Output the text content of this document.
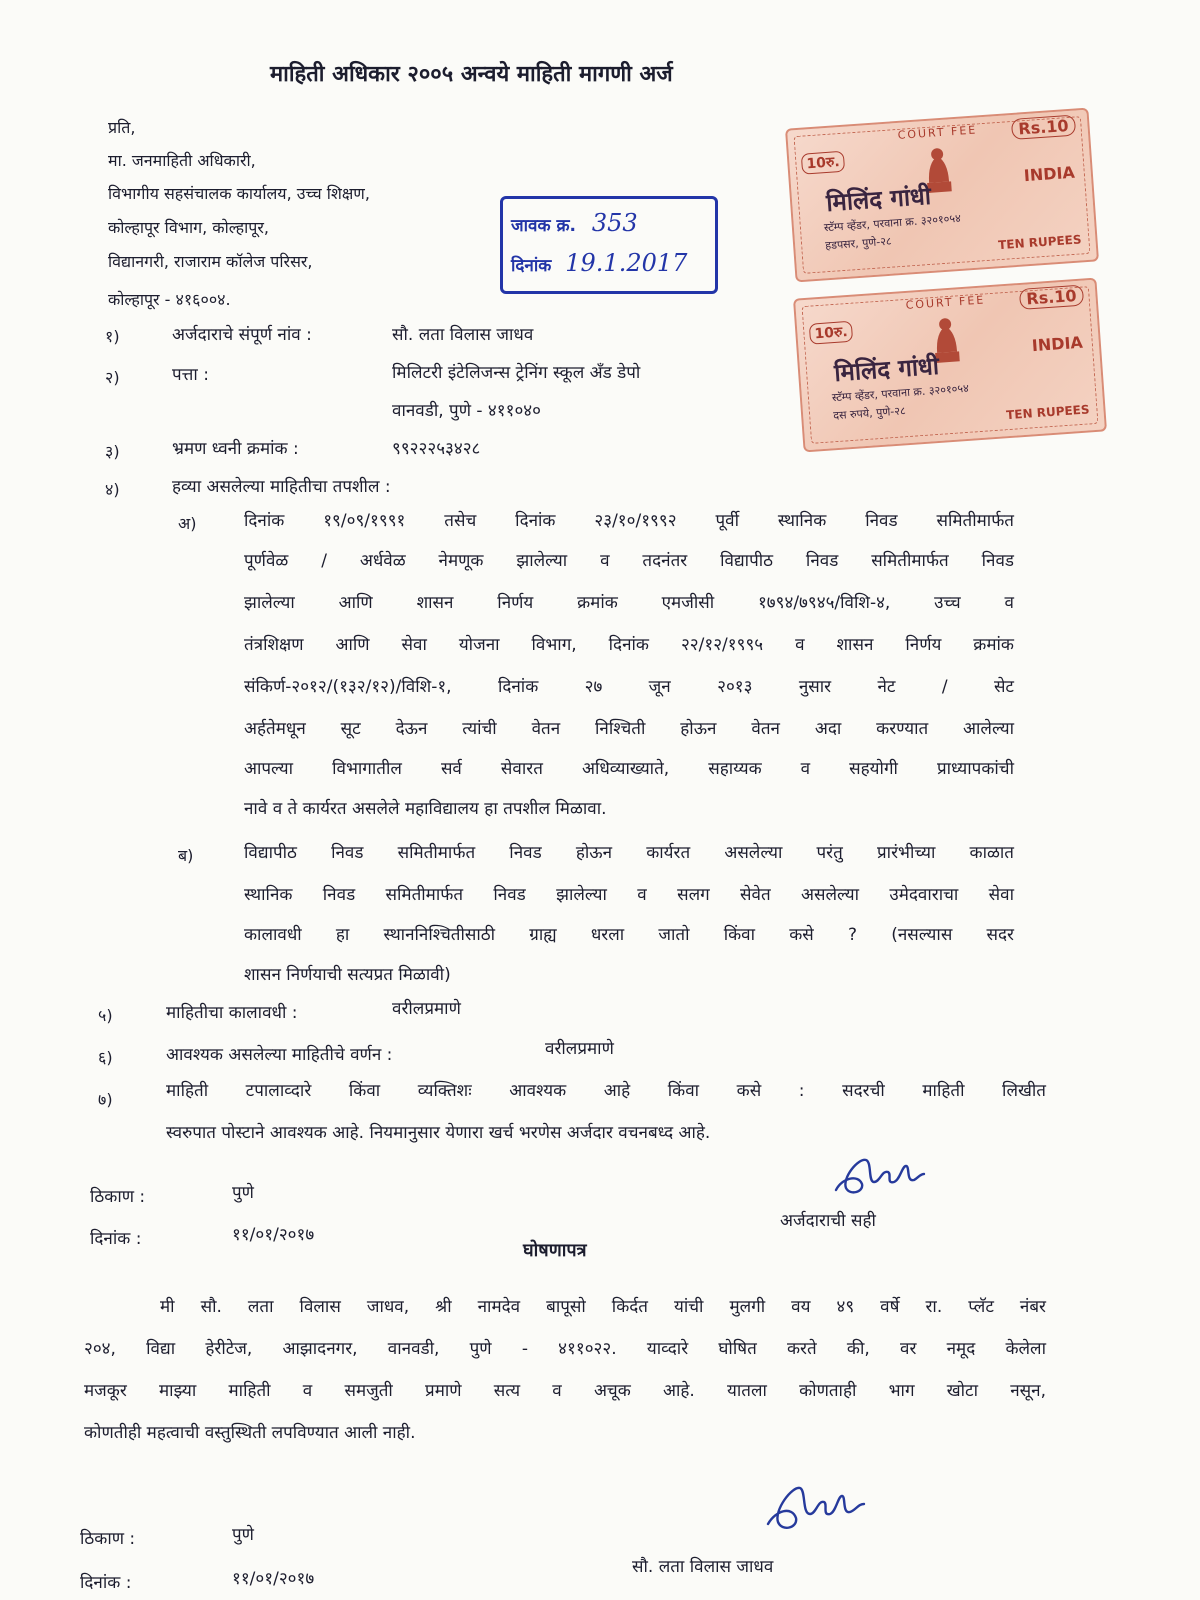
माहिती अधिकार २००५ अन्वये माहिती मागणी अर्ज
प्रति,
मा. जनमाहिती अधिकारी,
विभागीय सहसंचालक कार्यालय, उच्च शिक्षण,
कोल्हापूर विभाग, कोल्हापूर,
विद्यानगरी, राजाराम कॉलेज परिसर,
कोल्हापूर - ४१६००४.
जावक क्र. 353
दिनांक 19.1.2017
Rs.10
10रु.
COURT FEE
INDIA
मिलिंद गांधी
स्टॅम्प व्हेंडर, परवाना क्र. ३२०१०५४
हडपसर, पुणे-२८	TEN RUPEES
Rs.10
10रु.
COURT FEE
INDIA
मिलिंद गांधी
स्टॅम्प व्हेंडर, परवाना क्र. ३२०१०५४
दस रुपये, पुणे-२८	TEN RUPEES
१)	अर्जदाराचे संपूर्ण नांव :	सौ. लता विलास जाधव
२)	पत्ता :	मिलिटरी इंटेलिजन्स ट्रेनिंग स्कूल अँड डेपो
वानवडी, पुणे - ४११०४०
३)	भ्रमण ध्वनी क्रमांक :	९९२२२५३४२८
४)	हव्या असलेल्या माहितीचा तपशील :
अ)	दिनांक १९/०९/१९९१ तसेच दिनांक २३/१०/१९९२ पूर्वी स्थानिक निवड समितीमार्फत
पूर्णवेळ / अर्धवेळ नेमणूक झालेल्या व तदनंतर विद्यापीठ निवड समितीमार्फत निवड
झालेल्या आणि शासन निर्णय क्रमांक एमजीसी १७९४/७९४५/विशि-४, उच्च व
तंत्रशिक्षण आणि सेवा योजना विभाग, दिनांक २२/१२/१९९५ व शासन निर्णय क्रमांक
संकिर्ण-२०१२/(१३२/१२)/विशि-१, दिनांक २७ जून २०१३ नुसार नेट / सेट
अर्हतेमधून सूट देऊन त्यांची वेतन निश्चिती होऊन वेतन अदा करण्यात आलेल्या
आपल्या विभागातील सर्व सेवारत अधिव्याख्याते, सहाय्यक व सहयोगी प्राध्यापकांची
नावे व ते कार्यरत असलेले महाविद्यालय हा तपशील मिळावा.
ब)	विद्यापीठ निवड समितीमार्फत निवड होऊन कार्यरत असलेल्या परंतु प्रारंभीच्या काळात
स्थानिक निवड समितीमार्फत निवड झालेल्या व सलग सेवेत असलेल्या उमेदवाराचा सेवा
कालावधी हा स्थाननिश्चितीसाठी ग्राह्य धरला जातो किंवा कसे ? (नसल्यास सदर
शासन निर्णयाची सत्यप्रत मिळावी)
५)	माहितीचा कालावधी :	वरीलप्रमाणे
६)	आवश्यक असलेल्या माहितीचे वर्णन :	वरीलप्रमाणे
७)	माहिती टपालाव्दारे किंवा व्यक्तिशः आवश्यक आहे किंवा कसे : सदरची माहिती लिखीत
स्वरुपात पोस्टाने आवश्यक आहे. नियमानुसार येणारा खर्च भरणेस अर्जदार वचनबध्द आहे.
ठिकाण :	पुणे
दिनांक :	११/०१/२०१७
अर्जदाराची सही
घोषणापत्र
मी सौ. लता विलास जाधव, श्री नामदेव बापूसो किर्दत यांची मुलगी वय ४९ वर्षे रा. प्लॅट नंबर
२०४, विद्या हेरीटेज, आझादनगर, वानवडी, पुणे - ४११०२२. याव्दारे घोषित करते की, वर नमूद केलेला
मजकूर माझ्या माहिती व समजुती प्रमाणे सत्य व अचूक आहे. यातला कोणताही भाग खोटा नसून,
कोणतीही महत्वाची वस्तुस्थिती लपविण्यात आली नाही.
ठिकाण :	पुणे
दिनांक :	११/०१/२०१७
सौ. लता विलास जाधव
